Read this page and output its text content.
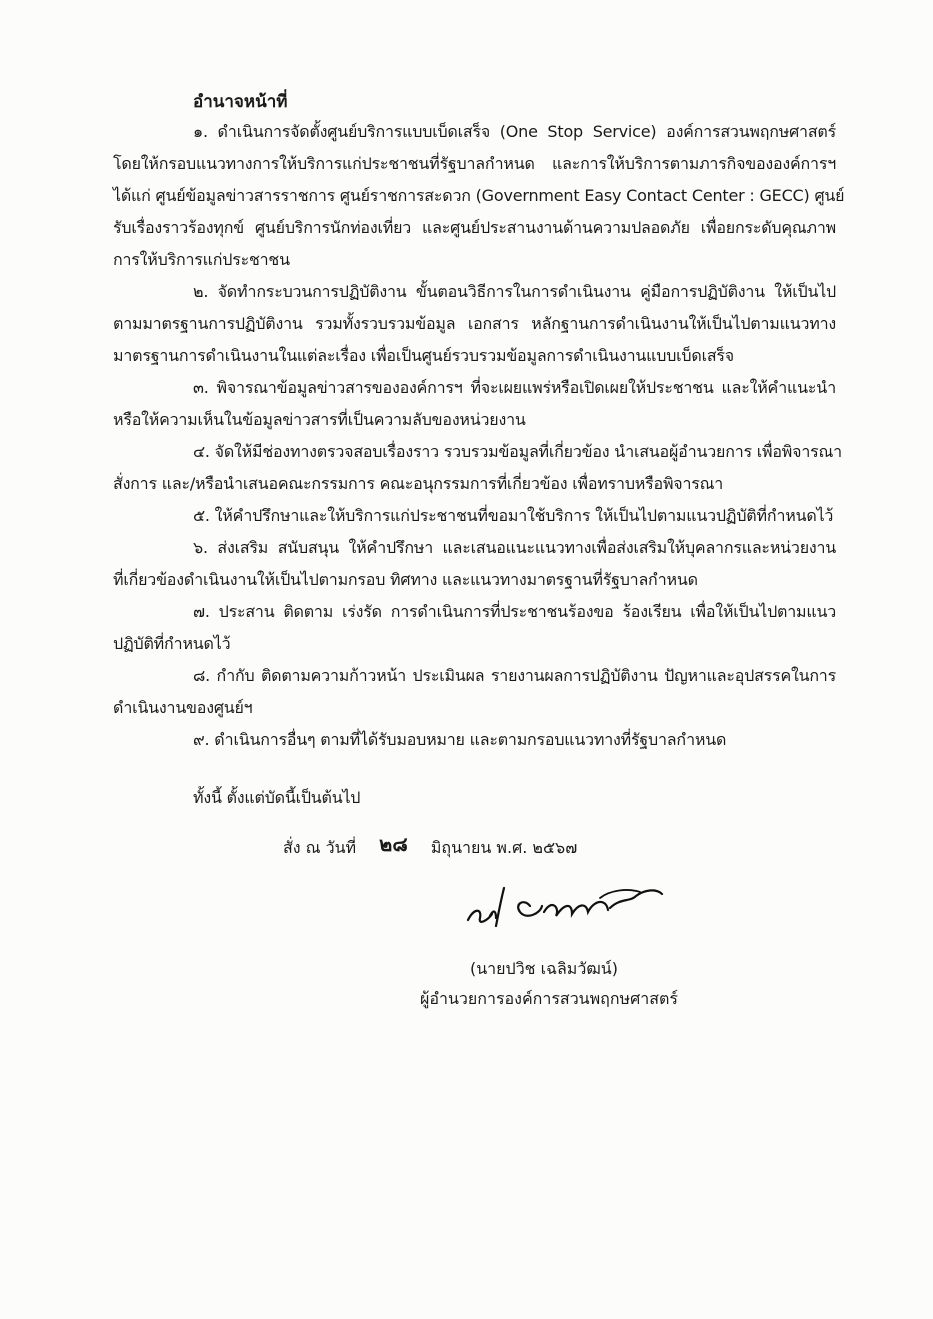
อำนาจหน้าที่
๑. ดำเนินการจัดตั้งศูนย์บริการแบบเบ็ดเสร็จ (One Stop Service) องค์การสวนพฤกษศาสตร์
โดยให้กรอบแนวทางการให้บริการแก่ประชาชนที่รัฐบาลกำหนด และการให้บริการตามภารกิจขององค์การฯ
ได้แก่ ศูนย์ข้อมูลข่าวสารราชการ ศูนย์ราชการสะดวก (Government Easy Contact Center : GECC) ศูนย์
รับเรื่องราวร้องทุกข์ ศูนย์บริการนักท่องเที่ยว และศูนย์ประสานงานด้านความปลอดภัย เพื่อยกระดับคุณภาพ
การให้บริการแก่ประชาชน
๒. จัดทำกระบวนการปฏิบัติงาน ขั้นตอนวิธีการในการดำเนินงาน คู่มือการปฏิบัติงาน ให้เป็นไป
ตามมาตรฐานการปฏิบัติงาน รวมทั้งรวบรวมข้อมูล เอกสาร หลักฐานการดำเนินงานให้เป็นไปตามแนวทาง
มาตรฐานการดำเนินงานในแต่ละเรื่อง เพื่อเป็นศูนย์รวบรวมข้อมูลการดำเนินงานแบบเบ็ดเสร็จ
๓. พิจารณาข้อมูลข่าวสารขององค์การฯ ที่จะเผยแพร่หรือเปิดเผยให้ประชาชน และให้คำแนะนำ
หรือให้ความเห็นในข้อมูลข่าวสารที่เป็นความลับของหน่วยงาน
๔. จัดให้มีช่องทางตรวจสอบเรื่องราว รวบรวมข้อมูลที่เกี่ยวข้อง นำเสนอผู้อำนวยการ เพื่อพิจารณา
สั่งการ และ/หรือนำเสนอคณะกรรมการ คณะอนุกรรมการที่เกี่ยวข้อง เพื่อทราบหรือพิจารณา
๕. ให้คำปรึกษาและให้บริการแก่ประชาชนที่ขอมาใช้บริการ ให้เป็นไปตามแนวปฏิบัติที่กำหนดไว้
๖. ส่งเสริม สนับสนุน ให้คำปรึกษา และเสนอแนะแนวทางเพื่อส่งเสริมให้บุคลากรและหน่วยงาน
ที่เกี่ยวข้องดำเนินงานให้เป็นไปตามกรอบ ทิศทาง และแนวทางมาตรฐานที่รัฐบาลกำหนด
๗. ประสาน ติดตาม เร่งรัด การดำเนินการที่ประชาชนร้องขอ ร้องเรียน เพื่อให้เป็นไปตามแนว
ปฏิบัติที่กำหนดไว้
๘. กำกับ ติดตามความก้าวหน้า ประเมินผล รายงานผลการปฏิบัติงาน ปัญหาและอุปสรรคในการ
ดำเนินงานของศูนย์ฯ
๙. ดำเนินการอื่นๆ ตามที่ได้รับมอบหมาย และตามกรอบแนวทางที่รัฐบาลกำหนด
ทั้งนี้ ตั้งแต่บัดนี้เป็นต้นไป
สั่ง ณ วันที่ ๒๘ มิถุนายน พ.ศ. ๒๕๖๗
(นายปวิช เฉลิมวัฒน์)
ผู้อำนวยการองค์การสวนพฤกษศาสตร์
